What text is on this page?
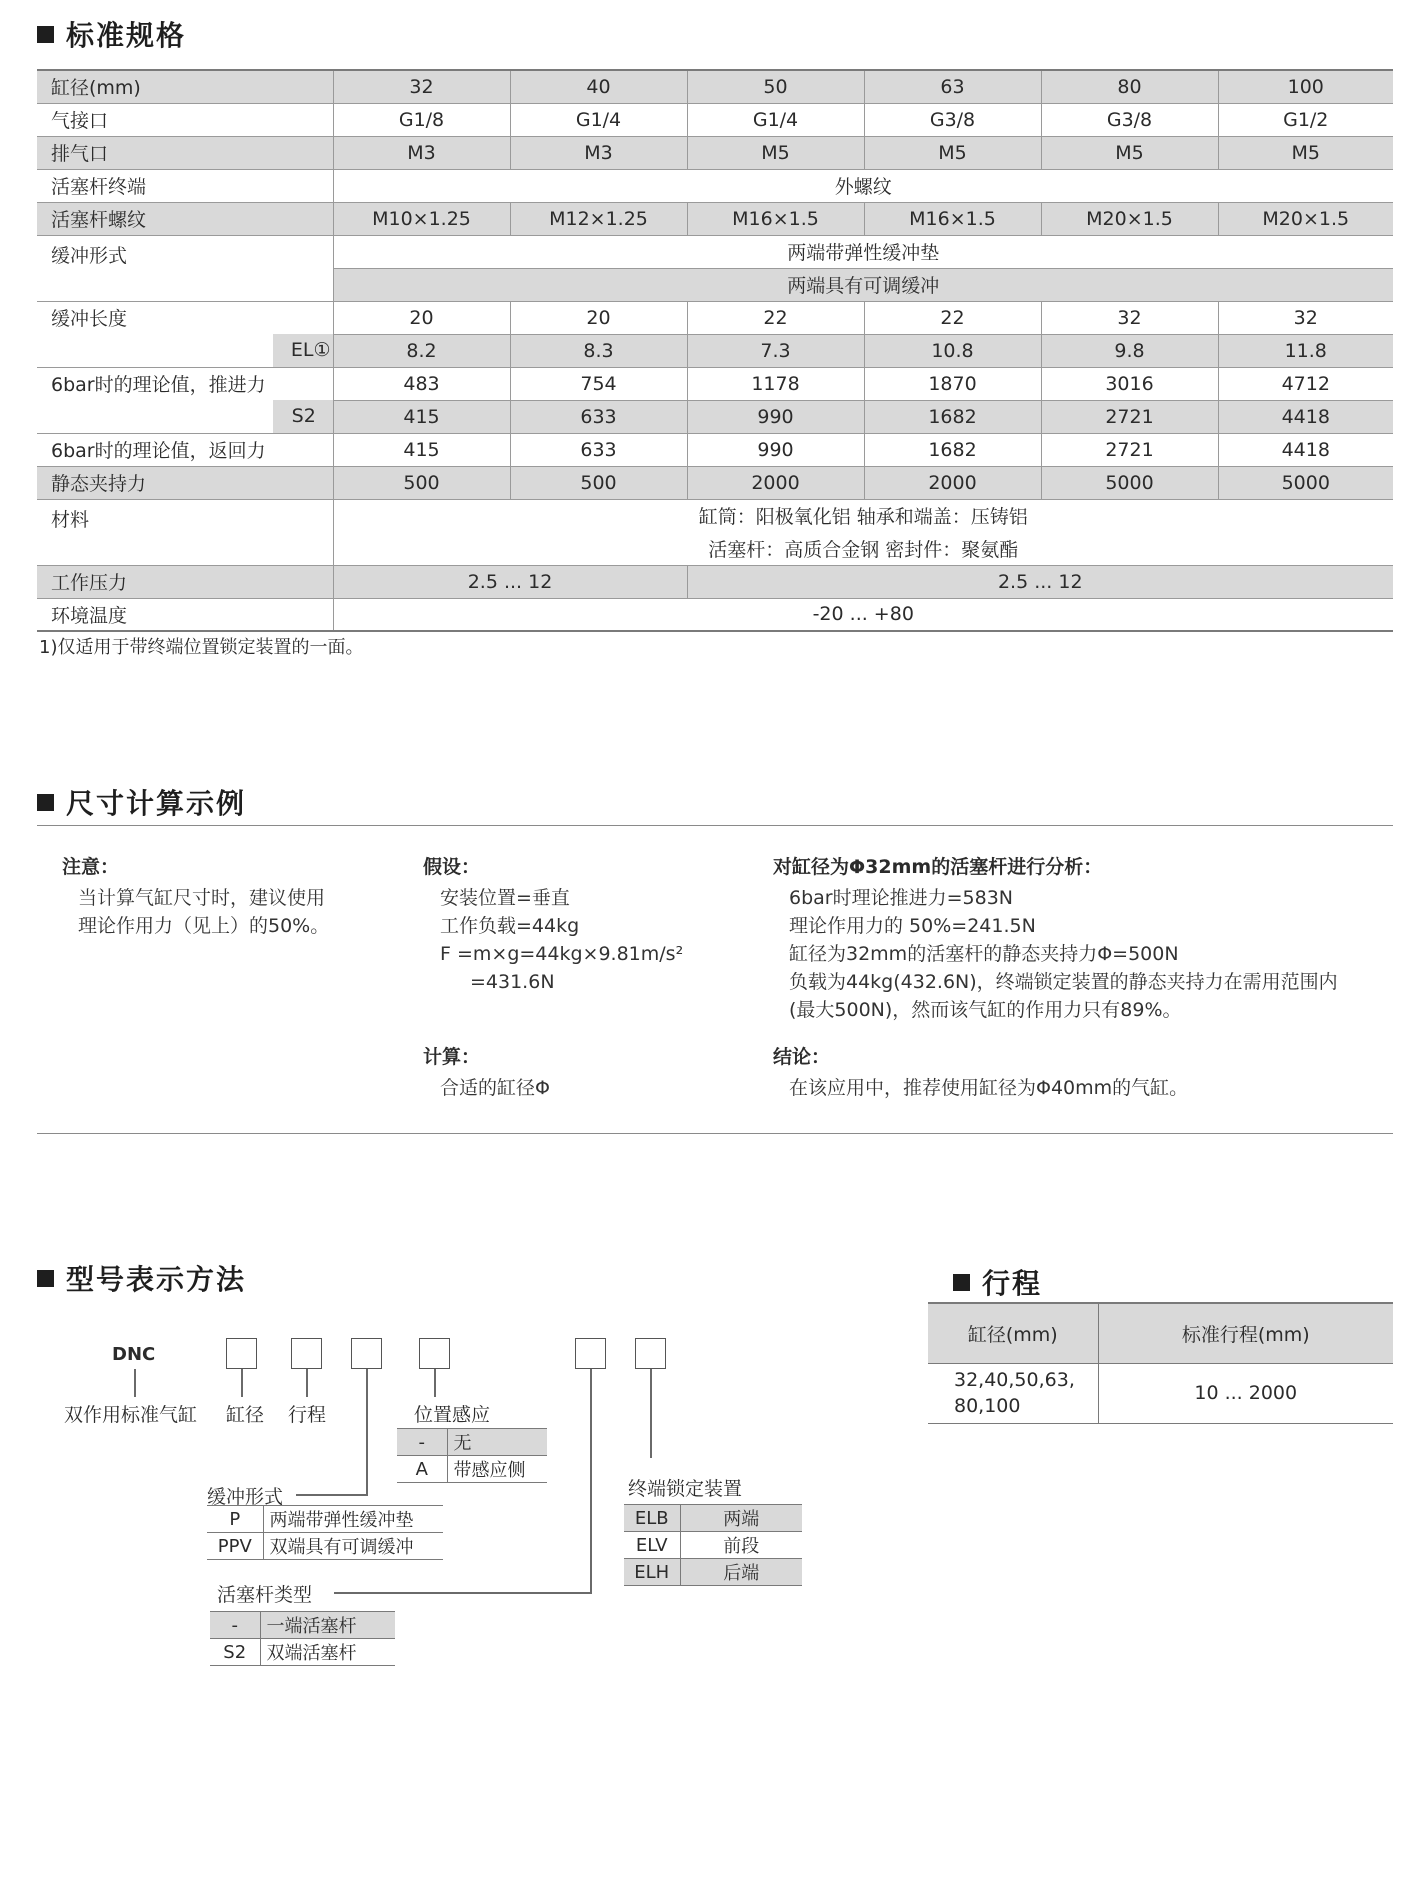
标准规格
缸径(mm)		32	40	50	63	80	100
气接口		G1/8	G1/4	G1/4	G3/8	G3/8	G1/2
排气口		M3	M3	M5	M5	M5	M5
活塞杆终端		外螺纹					
活塞杆螺纹		M10×1.25	M12×1.25	M16×1.5	M16×1.5	M20×1.5	M20×1.5
缓冲形式		两端带弹性缓冲垫					
		两端具有可调缓冲					
缓冲长度		20	20	22	22	32	32
	EL①	8.2	8.3	7.3	10.8	9.8	11.8
6bar时的理论值，推进力		483	754	1178	1870	3016	4712
	S2	415	633	990	1682	2721	4418
6bar时的理论值，返回力		415	633	990	1682	2721	4418
静态夹持力		500	500	2000	2000	5000	5000
材料		缸筒：阳极氧化铝 轴承和端盖：压铸铝					
		活塞杆：高质合金钢 密封件：聚氨酯					
工作压力		2.5 ... 12		2.5 ... 12			
环境温度		-20 ... +80					
1)仅适用于带终端位置锁定装置的一面。
尺寸计算示例
注意：
当计算气缸尺寸时，建议使用
理论作用力（见上）的50%。
假设：
安装位置=垂直
工作负载=44kg
F =m×g=44kg×9.81m/s²
=431.6N
计算：
合适的缸径Φ
对缸径为Φ32mm的活塞杆进行分析：
6bar时理论推进力=583N
理论作用力的 50%=241.5N
缸径为32mm的活塞杆的静态夹持力Φ=500N
负载为44kg(432.6N)，终端锁定装置的静态夹持力在需用范围内
(最大500N)，然而该气缸的作用力只有89%。
结论：
在该应用中，推荐使用缸径为Φ40mm的气缸。
型号表示方法
DNC
双作用标准气缸 缸径 行程
缓冲形式
P	两端带弹性缓冲垫
PPV	双端具有可调缓冲
位置感应
-	无
A	带感应侧
活塞杆类型
-	一端活塞杆
S2	双端活塞杆
终端锁定装置
ELB	两端
ELV	前段
ELH	后端
行程
缸径(mm)	标准行程(mm)

32,40,50,63,
80,100	10 ... 2000
